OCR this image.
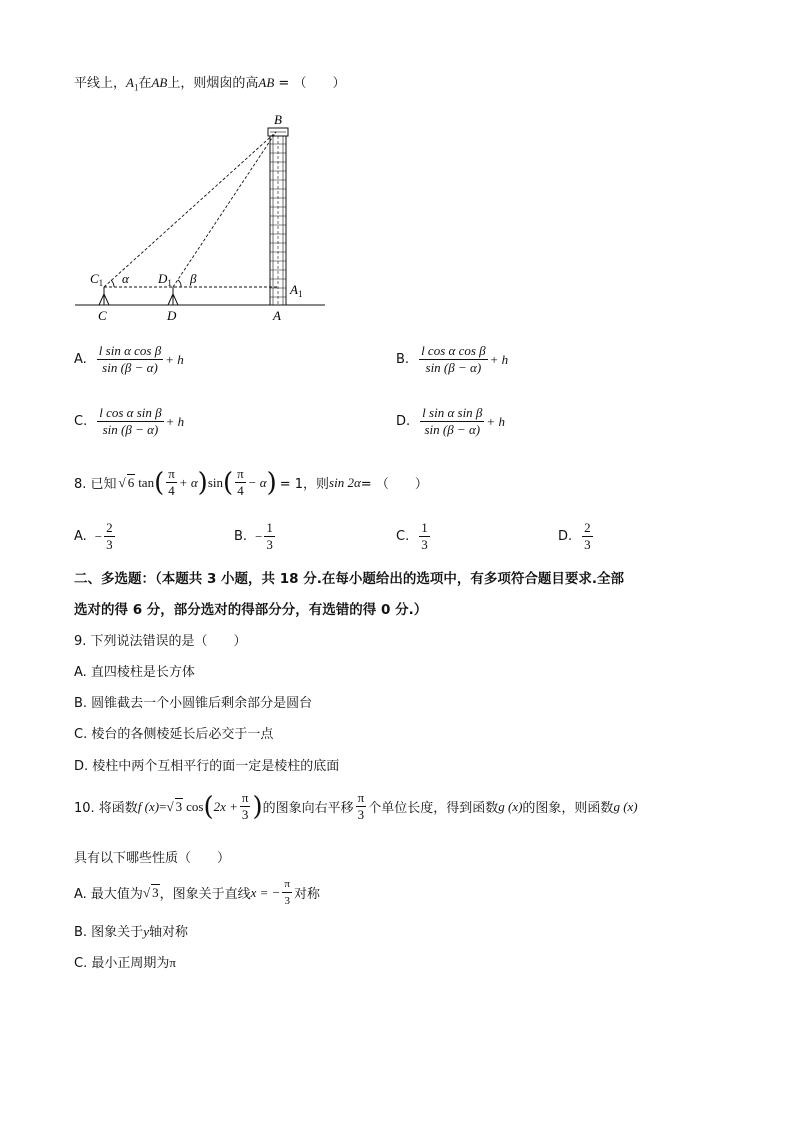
平线上，$A_1$在AB上，则烟囱的高AB = （　　）
B
$C_1$ α $D_1$ β
$A_1$
C	D	A
A. $\frac{\text{l sin α cos β}}{\sin (\beta - \alpha)} + h$	B. $\frac{\text{l cos α cos β}}{\sin (\beta - \alpha)} + h$
C. $\frac{\text{l cos α sin β}}{\sin (\beta - \alpha)} + h$	D. $\frac{\text{l sin α sin β}}{\sin (\beta - \alpha)} + h$
8. 已知 √ 6 tan ( $\frac{\pi}{4} + \alpha$ ) sin ( $\frac{\pi}{4} - \alpha$ ) = 1，则 sin 2α = （　　）
A. − $\frac{2}{3}$	B. − $\frac{1}{3}$	C. $\frac{1}{3}$	D. $\frac{2}{3}$
二、多选题：（本题共 3 小题，共 18 分.在每小题给出的选项中，有多项符合题目要求.全部
选对的得 6 分，部分选对的得部分分，有选错的得 0 分.）
9. 下列说法错误的是（　　）
A. 直四棱柱是长方体
B. 圆锥截去一个小圆锥后剩余部分是圆台
C. 棱台的各侧棱延长后必交于一点
D. 棱柱中两个互相平行的面一定是棱柱的底面
10. 将函数 f (x) = √ 3 cos ( $2x + \frac{\pi}{3}$ ) 的图象向右平移 $\frac{\pi}{3}$ 个单位长度，得到函数 g (x) 的图象，则函数 g (x)
具有以下哪些性质（　　）
A. 最大值为 √ 3 ，图象关于直线 x = − $\frac{\pi}{3}$ 对称
B. 图象关于y轴对称
C. 最小正周期为π
